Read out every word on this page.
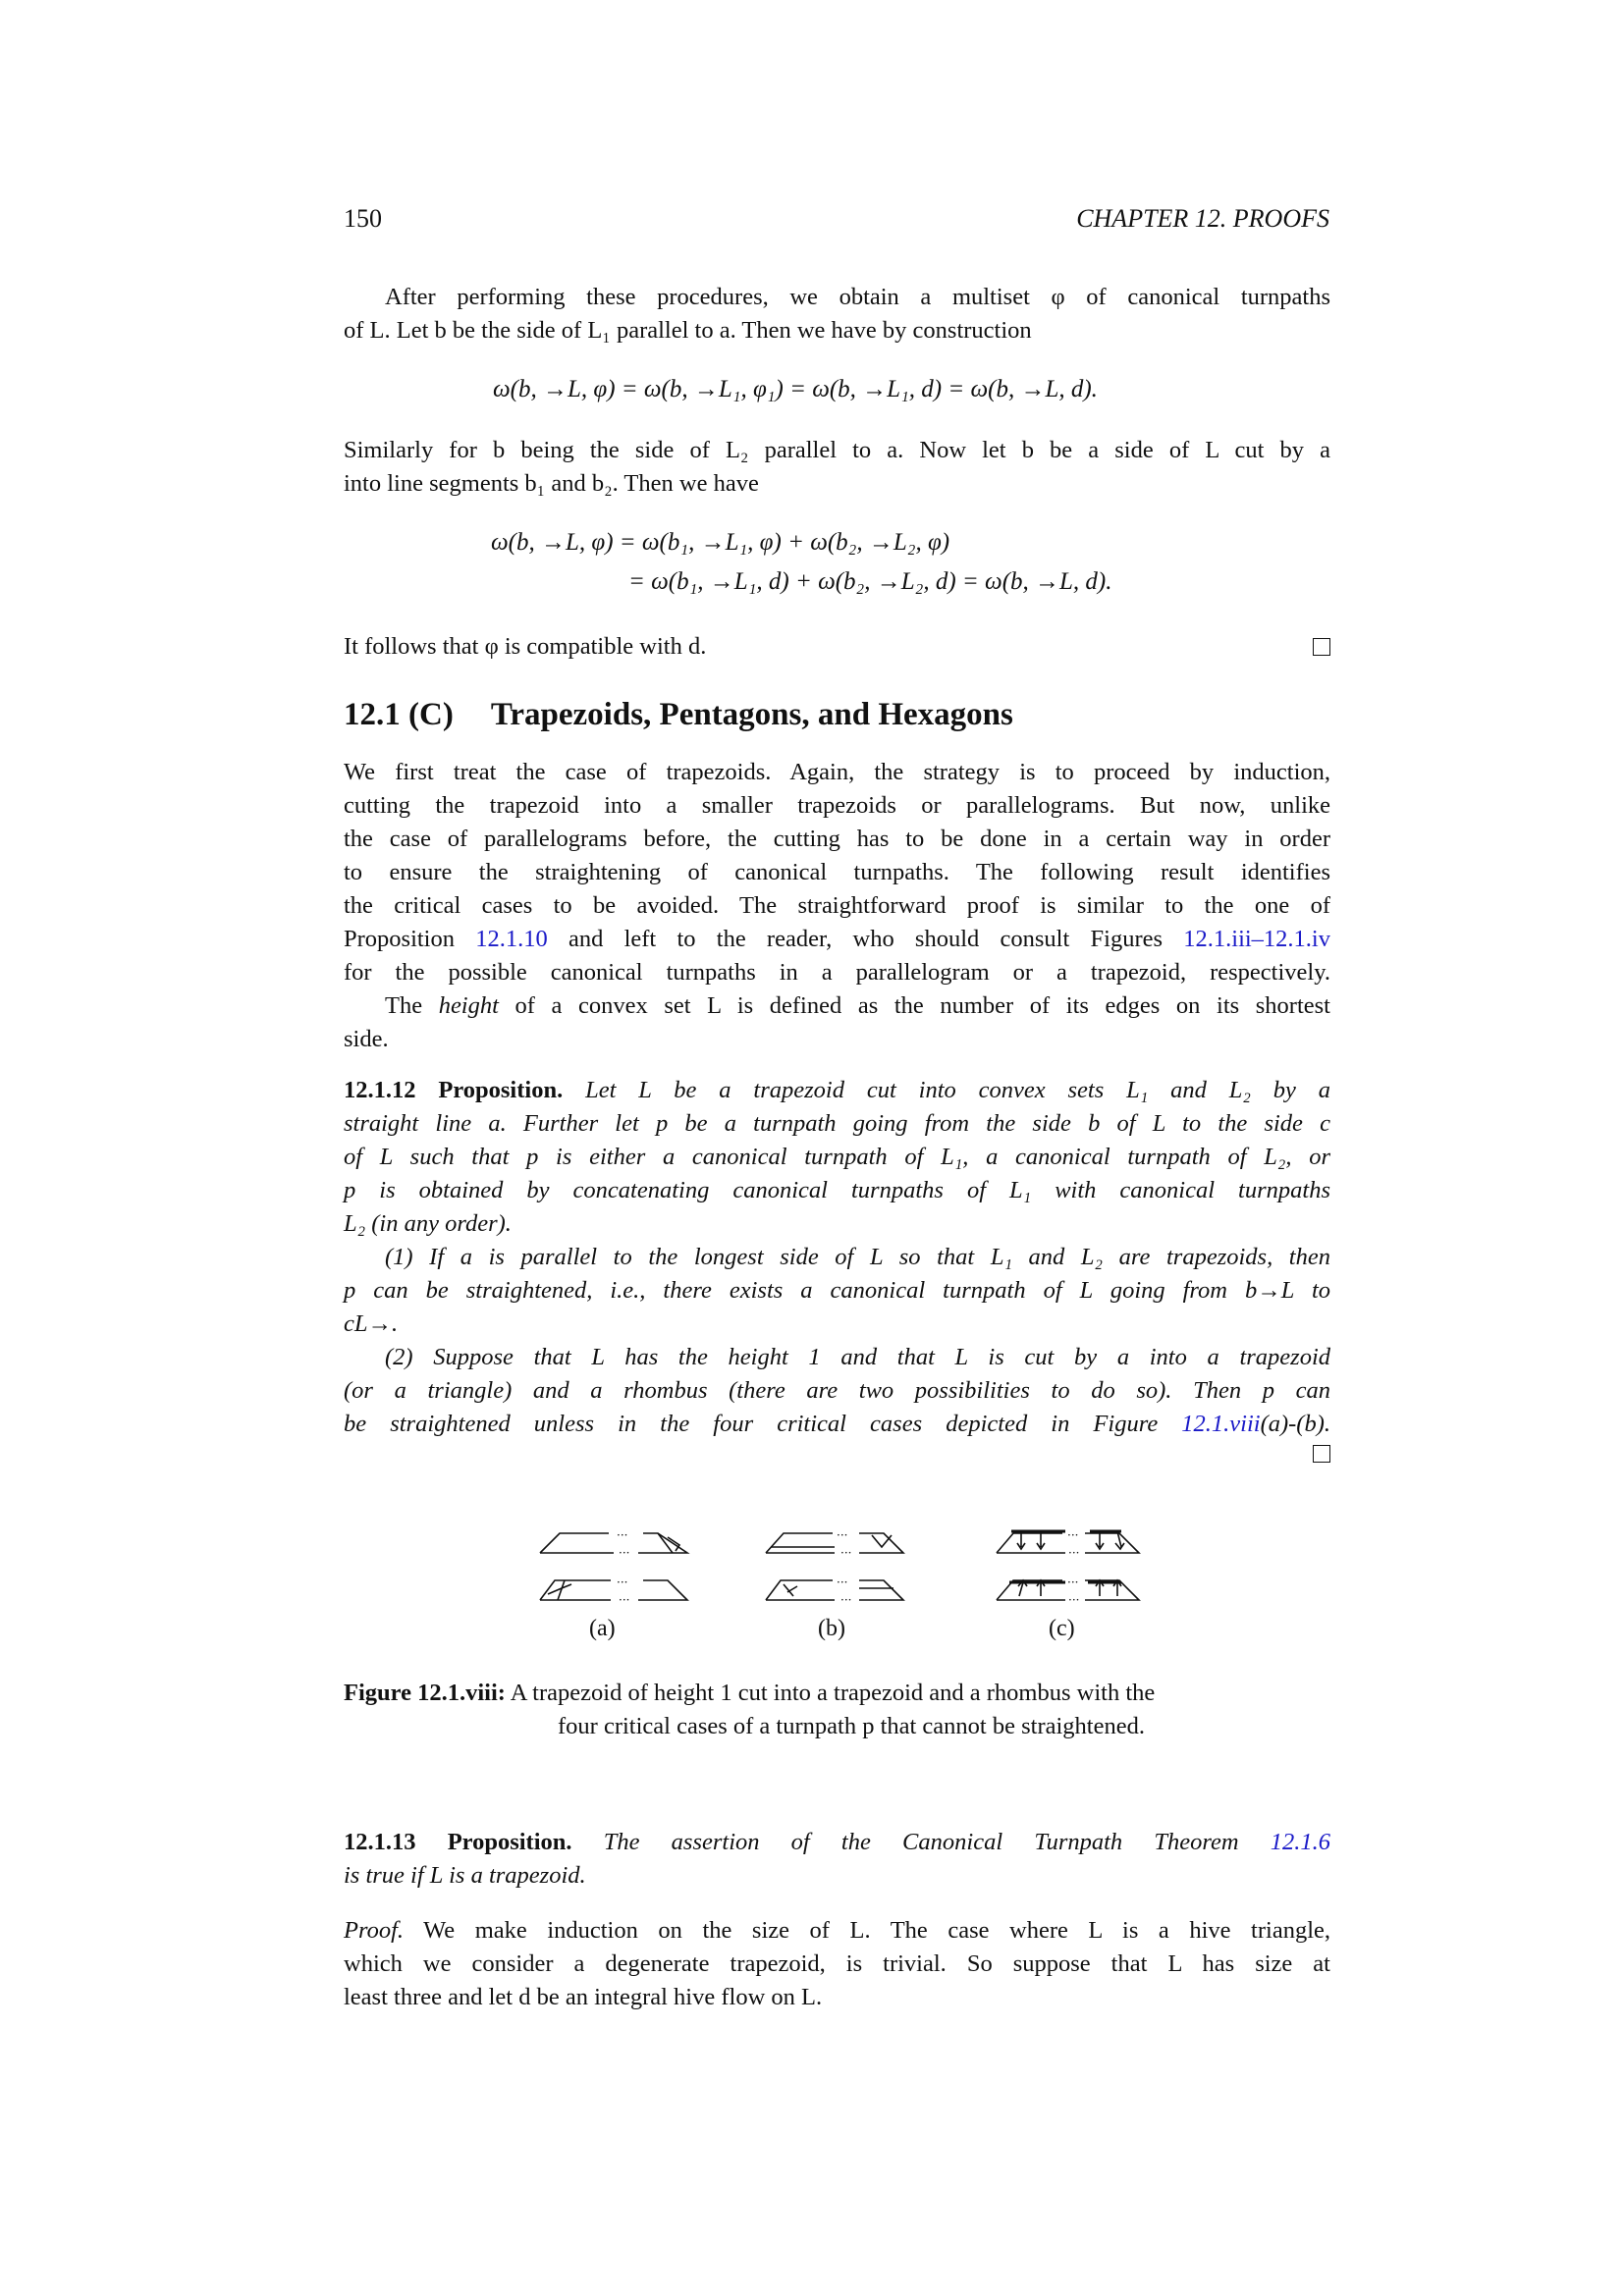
150	CHAPTER 12. PROOFS
After performing these procedures, we obtain a multiset φ of canonical turnpaths
of L. Let b be the side of L₁ parallel to a. Then we have by construction
ω(b, →L, φ) = ω(b, →L₁, φ₁) = ω(b, →L₁, d) = ω(b, →L, d).
Similarly for b being the side of L₂ parallel to a. Now let b be a side of L cut by a
into line segments b₁ and b₂. Then we have
ω(b, →L, φ) = ω(b₁, →L₁, φ) + ω(b₂, →L₂, φ)
= ω(b₁, →L₁, d) + ω(b₂, →L₂, d) = ω(b, →L, d).
It follows that φ is compatible with d.
12.1 (C) Trapezoids, Pentagons, and Hexagons
We first treat the case of trapezoids. Again, the strategy is to proceed by induction,
cutting the trapezoid into a smaller trapezoids or parallelograms. But now, unlike
the case of parallelograms before, the cutting has to be done in a certain way in order
to ensure the straightening of canonical turnpaths. The following result identifies
the critical cases to be avoided. The straightforward proof is similar to the one of
Proposition 12.1.10 and left to the reader, who should consult Figures 12.1.iii–12.1.iv
for the possible canonical turnpaths in a parallelogram or a trapezoid, respectively.
The height of a convex set L is defined as the number of its edges on its shortest
side.
12.1.12 Proposition. Let L be a trapezoid cut into convex sets L₁ and L₂ by a
straight line a. Further let p be a turnpath going from the side b of L to the side c
of L such that p is either a canonical turnpath of L₁, a canonical turnpath of L₂, or
p is obtained by concatenating canonical turnpaths of L₁ with canonical turnpaths
L₂ (in any order).
(1) If a is parallel to the longest side of L so that L₁ and L₂ are trapezoids, then
p can be straightened, i.e., there exists a canonical turnpath of L going from b→L to
cL→.
(2) Suppose that L has the height 1 and that L is cut by a into a trapezoid
(or a triangle) and a rhombus (there are two possibilities to do so). Then p can
be straightened unless in the four critical cases depicted in Figure 12.1.viii(a)-(b).
···
···
···
···
···
···
···
···
···
···
···
···
(a)	(b)	(c)
Figure 12.1.viii: A trapezoid of height 1 cut into a trapezoid and a rhombus with the
four critical cases of a turnpath p that cannot be straightened.
12.1.13 Proposition. The assertion of the Canonical Turnpath Theorem 12.1.6
is true if L is a trapezoid.
Proof. We make induction on the size of L. The case where L is a hive triangle,
which we consider a degenerate trapezoid, is trivial. So suppose that L has size at
least three and let d be an integral hive flow on L.
